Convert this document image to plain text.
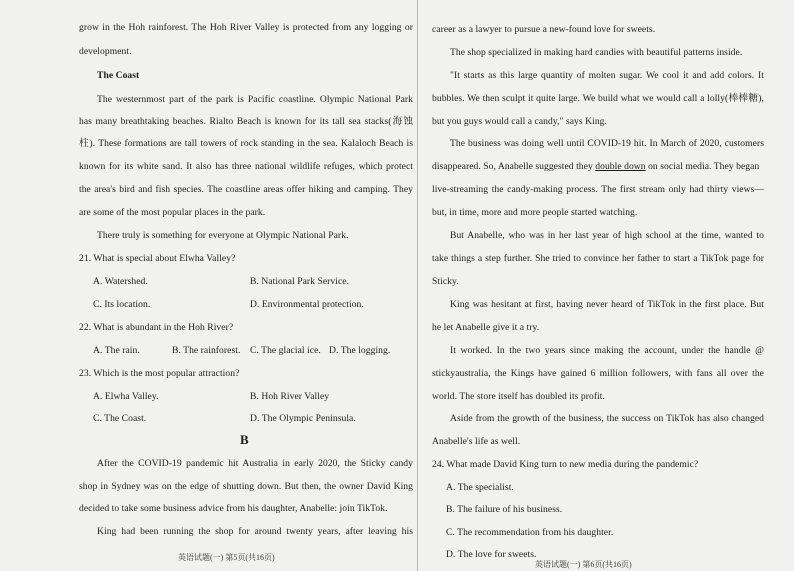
grow in the Hoh rainforest. The Hoh River Valley is protected from any logging or
development.
The Coast
The westernmost part of the park is Pacific coastline. Olympic National Park
has many breathtaking beaches. Rialto Beach is known for its tall sea stacks(海蚀
柱). These formations are tall towers of rock standing in the sea. Kalaloch Beach is
known for its white sand. It also has three national wildlife refuges, which protect
the area's bird and fish species. The coastline areas offer hiking and camping. They
are some of the most popular places in the park.
There truly is something for everyone at Olympic National Park.
21. What is special about Elwha Valley?
A. Watershed.	B. National Park Service.
C. Its location.	D. Environmental protection.
22. What is abundant in the Hoh River?
A. The rain.	B. The rainforest. C. The glacial ice. D. The logging.
23. Which is the most popular attraction?
A. Elwha Valley.	B. Hoh River Valley
C. The Coast.	D. The Olympic Peninsula.
B
After the COVID-19 pandemic hit Australia in early 2020, the Sticky candy
shop in Sydney was on the edge of shutting down. But then, the owner David King
decided to take some business advice from his daughter, Anabelle: join TikTok.
King had been running the shop for around twenty years, after leaving his
英语试题(一) 第5页(共16页)
career as a lawyer to pursue a new-found love for sweets.
The shop specialized in making hard candies with beautiful patterns inside.
"It starts as this large quantity of molten sugar. We cool it and add colors. It
bubbles. We then sculpt it quite large. We build what we would call a lolly(棒棒糖),
but you guys would call a candy," says King.
The business was doing well until COVID-19 hit. In March of 2020, customers
disappeared. So, Anabelle suggested they double down on social media. They began
live-streaming the candy-making process. The first stream only had thirty views—
but, in time, more and more people started watching.
But Anabelle, who was in her last year of high school at the time, wanted to
take things a step further. She tried to convince her father to start a TikTok page for
Sticky.
King was hesitant at first, having never heard of TikTok in the first place. But
he let Anabelle give it a try.
It worked. In the two years since making the account, under the handle @
stickyaustralia, the Kings have gained 6 million followers, with fans all over the
world. The store itself has doubled its profit.
Aside from the growth of the business, the success on TikTok has also changed
Anabelle's life as well.
24. What made David King turn to new media during the pandemic?
A. The specialist.
B. The failure of his business.
C. The recommendation from his daughter.
D. The love for sweets.
英语试题(一) 第6页(共16页)
